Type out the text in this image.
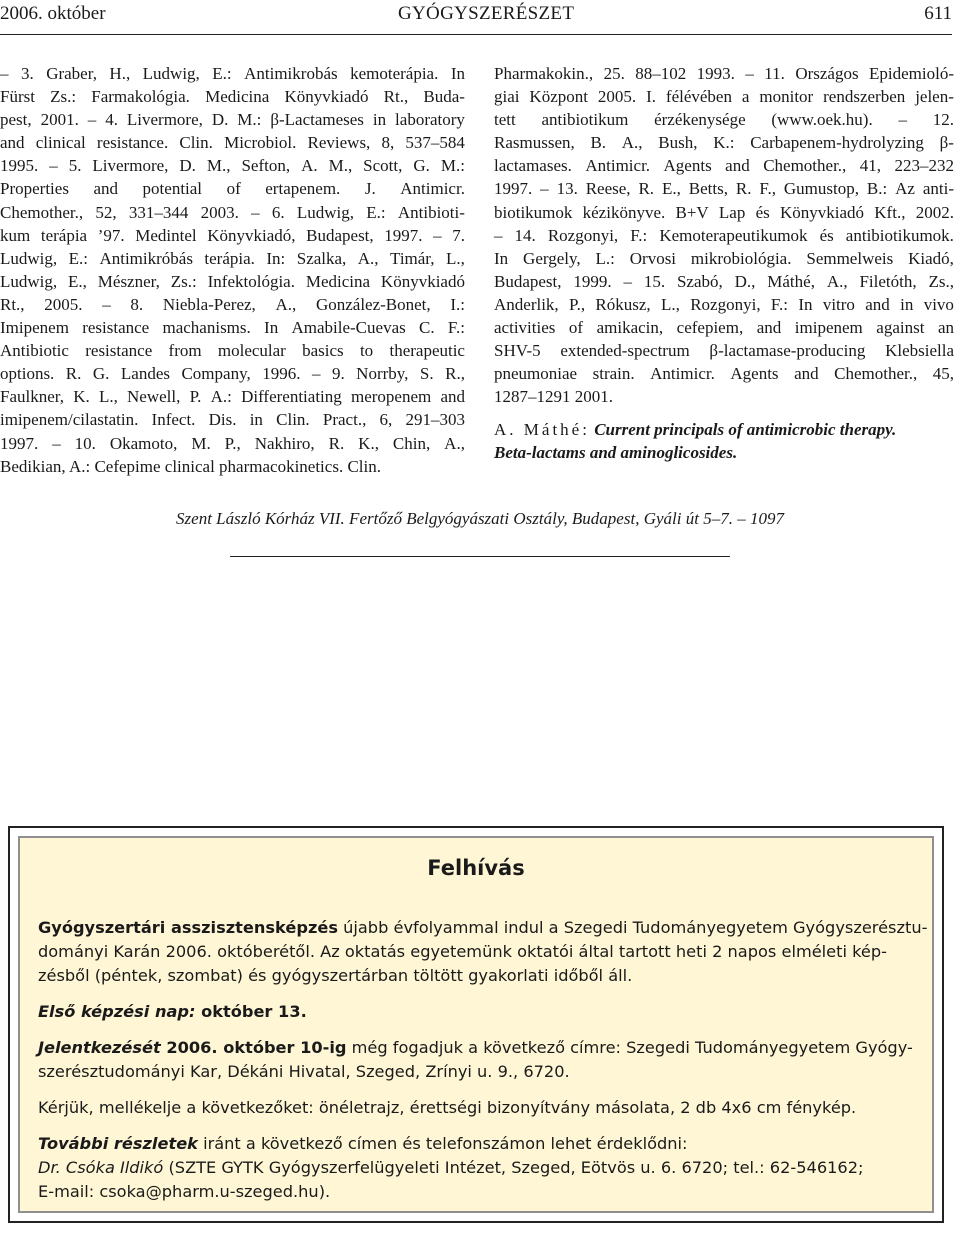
2006. október	GYÓGYSZERÉSZET	611
– 3. Graber, H., Ludwig, E.: Antimikrobás kemoterápia. In
Fürst Zs.: Farmakológia. Medicina Könyvkiadó Rt., Buda-
pest, 2001. – 4. Livermore, D. M.: β-Lactameses in laboratory
and clinical resistance. Clin. Microbiol. Reviews, 8, 537–584
1995. – 5. Livermore, D. M., Sefton, A. M., Scott, G. M.:
Properties and potential of ertapenem. J. Antimicr.
Chemother., 52, 331–344 2003. – 6. Ludwig, E.: Antibioti-
kum terápia ’97. Medintel Könyvkiadó, Budapest, 1997. – 7.
Ludwig, E.: Antimikróbás terápia. In: Szalka, A., Timár, L.,
Ludwig, E., Mészner, Zs.: Infektológia. Medicina Könyvkiadó
Rt., 2005. – 8. Niebla-Perez, A., González-Bonet, I.:
Imipenem resistance machanisms. In Amabile-Cuevas C. F.:
Antibiotic resistance from molecular basics to therapeutic
options. R. G. Landes Company, 1996. – 9. Norrby, S. R.,
Faulkner, K. L., Newell, P. A.: Differentiating meropenem and
imipenem/cilastatin. Infect. Dis. in Clin. Pract., 6, 291–303
1997. – 10. Okamoto, M. P., Nakhiro, R. K., Chin, A.,
Bedikian, A.: Cefepime clinical pharmacokinetics. Clin.
Pharmakokin., 25. 88–102 1993. – 11. Országos Epidemioló-
giai Központ 2005. I. félévében a monitor rendszerben jelen-
tett antibiotikum érzékenysége (www.oek.hu). – 12.
Rasmussen, B. A., Bush, K.: Carbapenem-hydrolyzing β-
lactamases. Antimicr. Agents and Chemother., 41, 223–232
1997. – 13. Reese, R. E., Betts, R. F., Gumustop, B.: Az anti-
biotikumok kézikönyve. B+V Lap és Könyvkiadó Kft., 2002.
– 14. Rozgonyi, F.: Kemoterapeutikumok és antibiotikumok.
In Gergely, L.: Orvosi mikrobiológia. Semmelweis Kiadó,
Budapest, 1999. – 15. Szabó, D., Máthé, A., Filetóth, Zs.,
Anderlik, P., Rókusz, L., Rozgonyi, F.: In vitro and in vivo
activities of amikacin, cefepiem, and imipenem against an
SHV-5 extended-spectrum β-lactamase-producing Klebsiella
pneumoniae strain. Antimicr. Agents and Chemother., 45,
1287–1291 2001.

A. Máthé: Current principals of antimicrobic therapy.
Beta-lactams and aminoglicosides.

Szent László Kórház VII. Fertőző Belgyógyászati Osztály, Budapest, Gyáli út 5–7. – 1097
Felhívás

Gyógyszertári asszisztensképzés újabb évfolyammal indul a Szegedi Tudományegyetem Gyógyszerésztu-
dományi Karán 2006. októberétől. Az oktatás egyetemünk oktatói által tartott heti 2 napos elméleti kép-
zésből (péntek, szombat) és gyógyszertárban töltött gyakorlati időből áll.

Első képzési nap: október 13.

Jelentkezését 2006. október 10-ig még fogadjuk a következő címre: Szegedi Tudományegyetem Gyógy-
szerésztudományi Kar, Dékáni Hivatal, Szeged, Zrínyi u. 9., 6720.

Kérjük, mellékelje a következőket: önéletrajz, érettségi bizonyítvány másolata, 2 db 4x6 cm fénykép.

További részletek iránt a következő címen és telefonszámon lehet érdeklődni:
Dr. Csóka Ildikó (SZTE GYTK Gyógyszerfelügyeleti Intézet, Szeged, Eötvös u. 6. 6720; tel.: 62-546162;
E-mail: csoka@pharm.u-szeged.hu).
